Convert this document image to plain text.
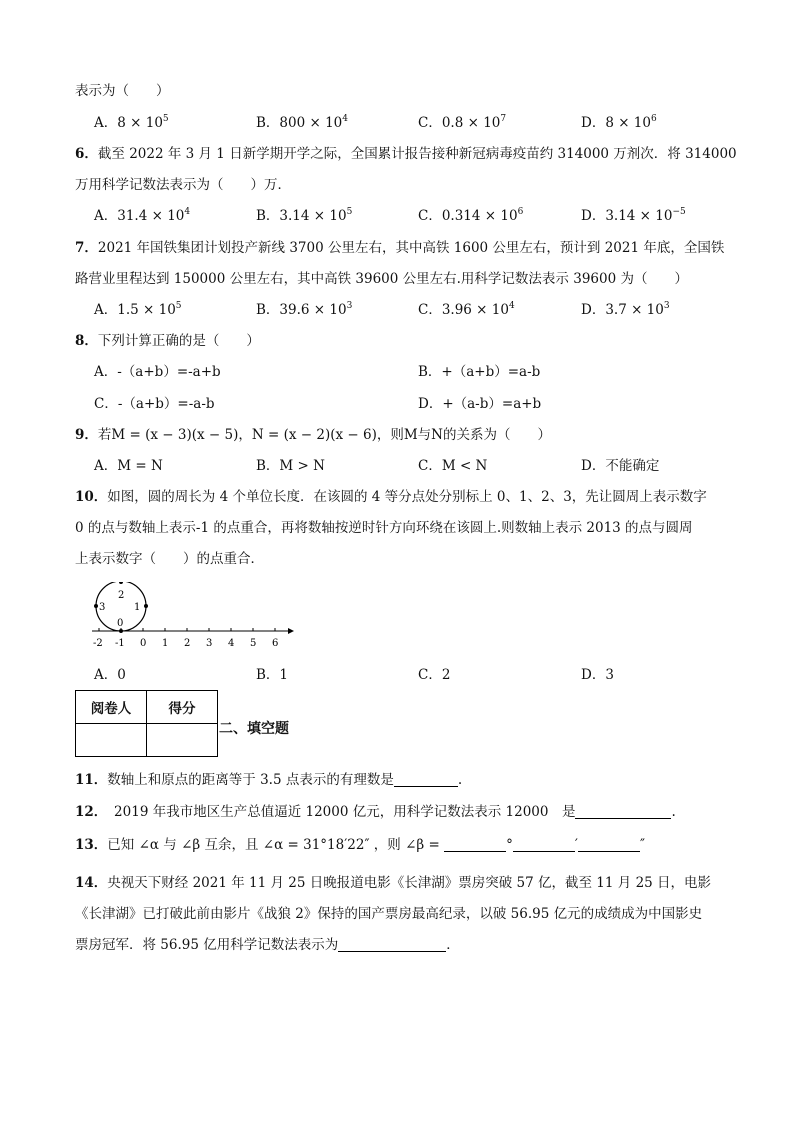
表示为（　　）
A．$8 \times 10^5$	B．$800 \times 10^4$	C．$0.8 \times 10^7$	D．$8 \times 10^6$
6．截至 2022 年 3 月 1 日新学期开学之际，全国累计报告接种新冠病毒疫苗约 314000 万剂次．将 314000
万用科学记数法表示为（　　）万．
A．$31.4 \times 10^4$	B．$3.14 \times 10^5$	C．$0.314 \times 10^6$	D．$3.14 \times 10^{-5}$
7．2021 年国铁集团计划投产新线 3700 公里左右，其中高铁 1600 公里左右，预计到 2021 年底，全国铁
路营业里程达到 150000 公里左右，其中高铁 39600 公里左右.用科学记数法表示 39600 为（　　）
A．$1.5 \times 10^5$	B．$39.6 \times 10^3$	C．$3.96 \times 10^4$	D．$3.7 \times 10^3$
8．下列计算正确的是（　　）
A．-（a+b）=-a+b	B．+（a+b）=a-b
C．-（a+b）=-a-b	D．+（a-b）=a+b
9．若M = (x − 3)(x − 5)，N = (x − 2)(x − 6)，则M与N的关系为（　　）
A．M = N	B．M > N	C．M < N	D．不能确定
10．如图，圆的周长为 4 个单位长度．在该圆的 4 等分点处分别标上 0、1、2、3，先让圆周上表示数字
0 的点与数轴上表示-1 的点重合，再将数轴按逆时针方向环绕在该圆上.则数轴上表示 2013 的点与圆周
上表示数字（　　）的点重合．
2
1
3
0
-2 -1 0 1 2 3 4 5 6
A．0	B．1	C．2	D．3
阅卷人	得分

二、填空题
11．数轴上和原点的距离等于 3.5 点表示的有理数是	.
12．　2019 年我市地区生产总值逼近 12000 亿元，用科学记数法表示 12000　是	.
13．已知 ∠α 与 ∠β 互余，且 ∠α = 31°18′22″ ，则 ∠β =	°	′	″
14．央视天下财经 2021 年 11 月 25 日晚报道电影《长津湖》票房突破 57 亿，截至 11 月 25 日，电影
《长津湖》已打破此前由影片《战狼 2》保持的国产票房最高纪录，以破 56.95 亿元的成绩成为中国影史
票房冠军．将 56.95 亿用科学记数法表示为	．
